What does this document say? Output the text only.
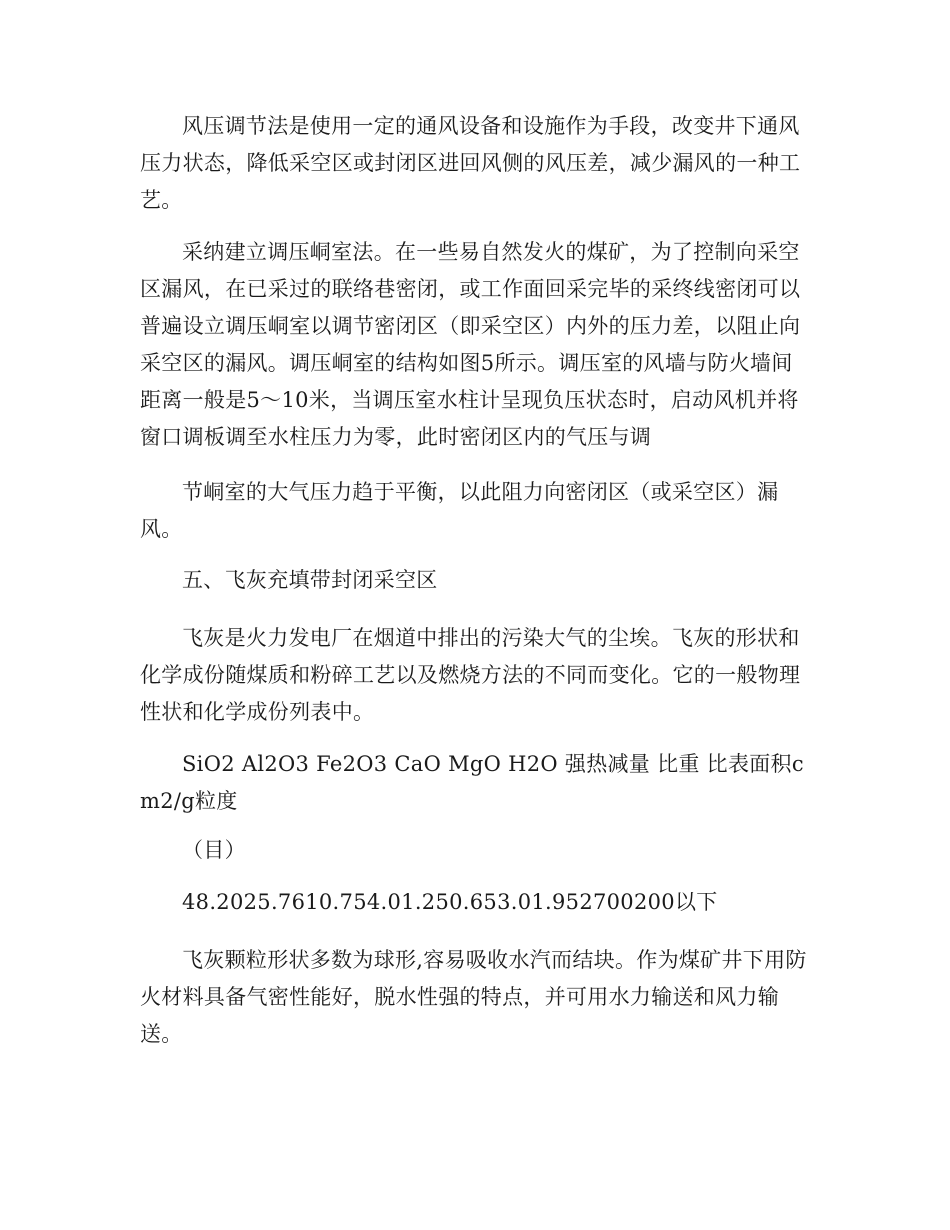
风压调节法是使用一定的通风设备和设施作为手段，改变井下通风压力状态，降低采空区或封闭区进回风侧的风压差，减少漏风的一种工艺。

采纳建立调压峒室法。在一些易自然发火的煤矿，为了控制向采空区漏风，在已采过的联络巷密闭，或工作面回采完毕的采终线密闭可以普遍设立调压峒室以调节密闭区（即采空区）内外的压力差，以阻止向采空区的漏风。调压峒室的结构如图5所示。调压室的风墙与防火墙间距离一般是5～10米，当调压室水柱计呈现负压状态时，启动风机并将窗口调板调至水柱压力为零，此时密闭区内的气压与调

节峒室的大气压力趋于平衡，以此阻力向密闭区（或采空区）漏风。

五、飞灰充填带封闭采空区

飞灰是火力发电厂在烟道中排出的污染大气的尘埃。飞灰的形状和化学成份随煤质和粉碎工艺以及燃烧方法的不同而变化。它的一般物理性状和化学成份列表中。

SiO2 Al2O3 Fe2O3 CaO MgO H2O 强热减量 比重 比表面积cm2/g粒度

（目）

48.2025.7610.754.01.250.653.01.952700200以下

飞灰颗粒形状多数为球形,容易吸收水汽而结块。作为煤矿井下用防火材料具备气密性能好，脱水性强的特点，并可用水力输送和风力输送。
